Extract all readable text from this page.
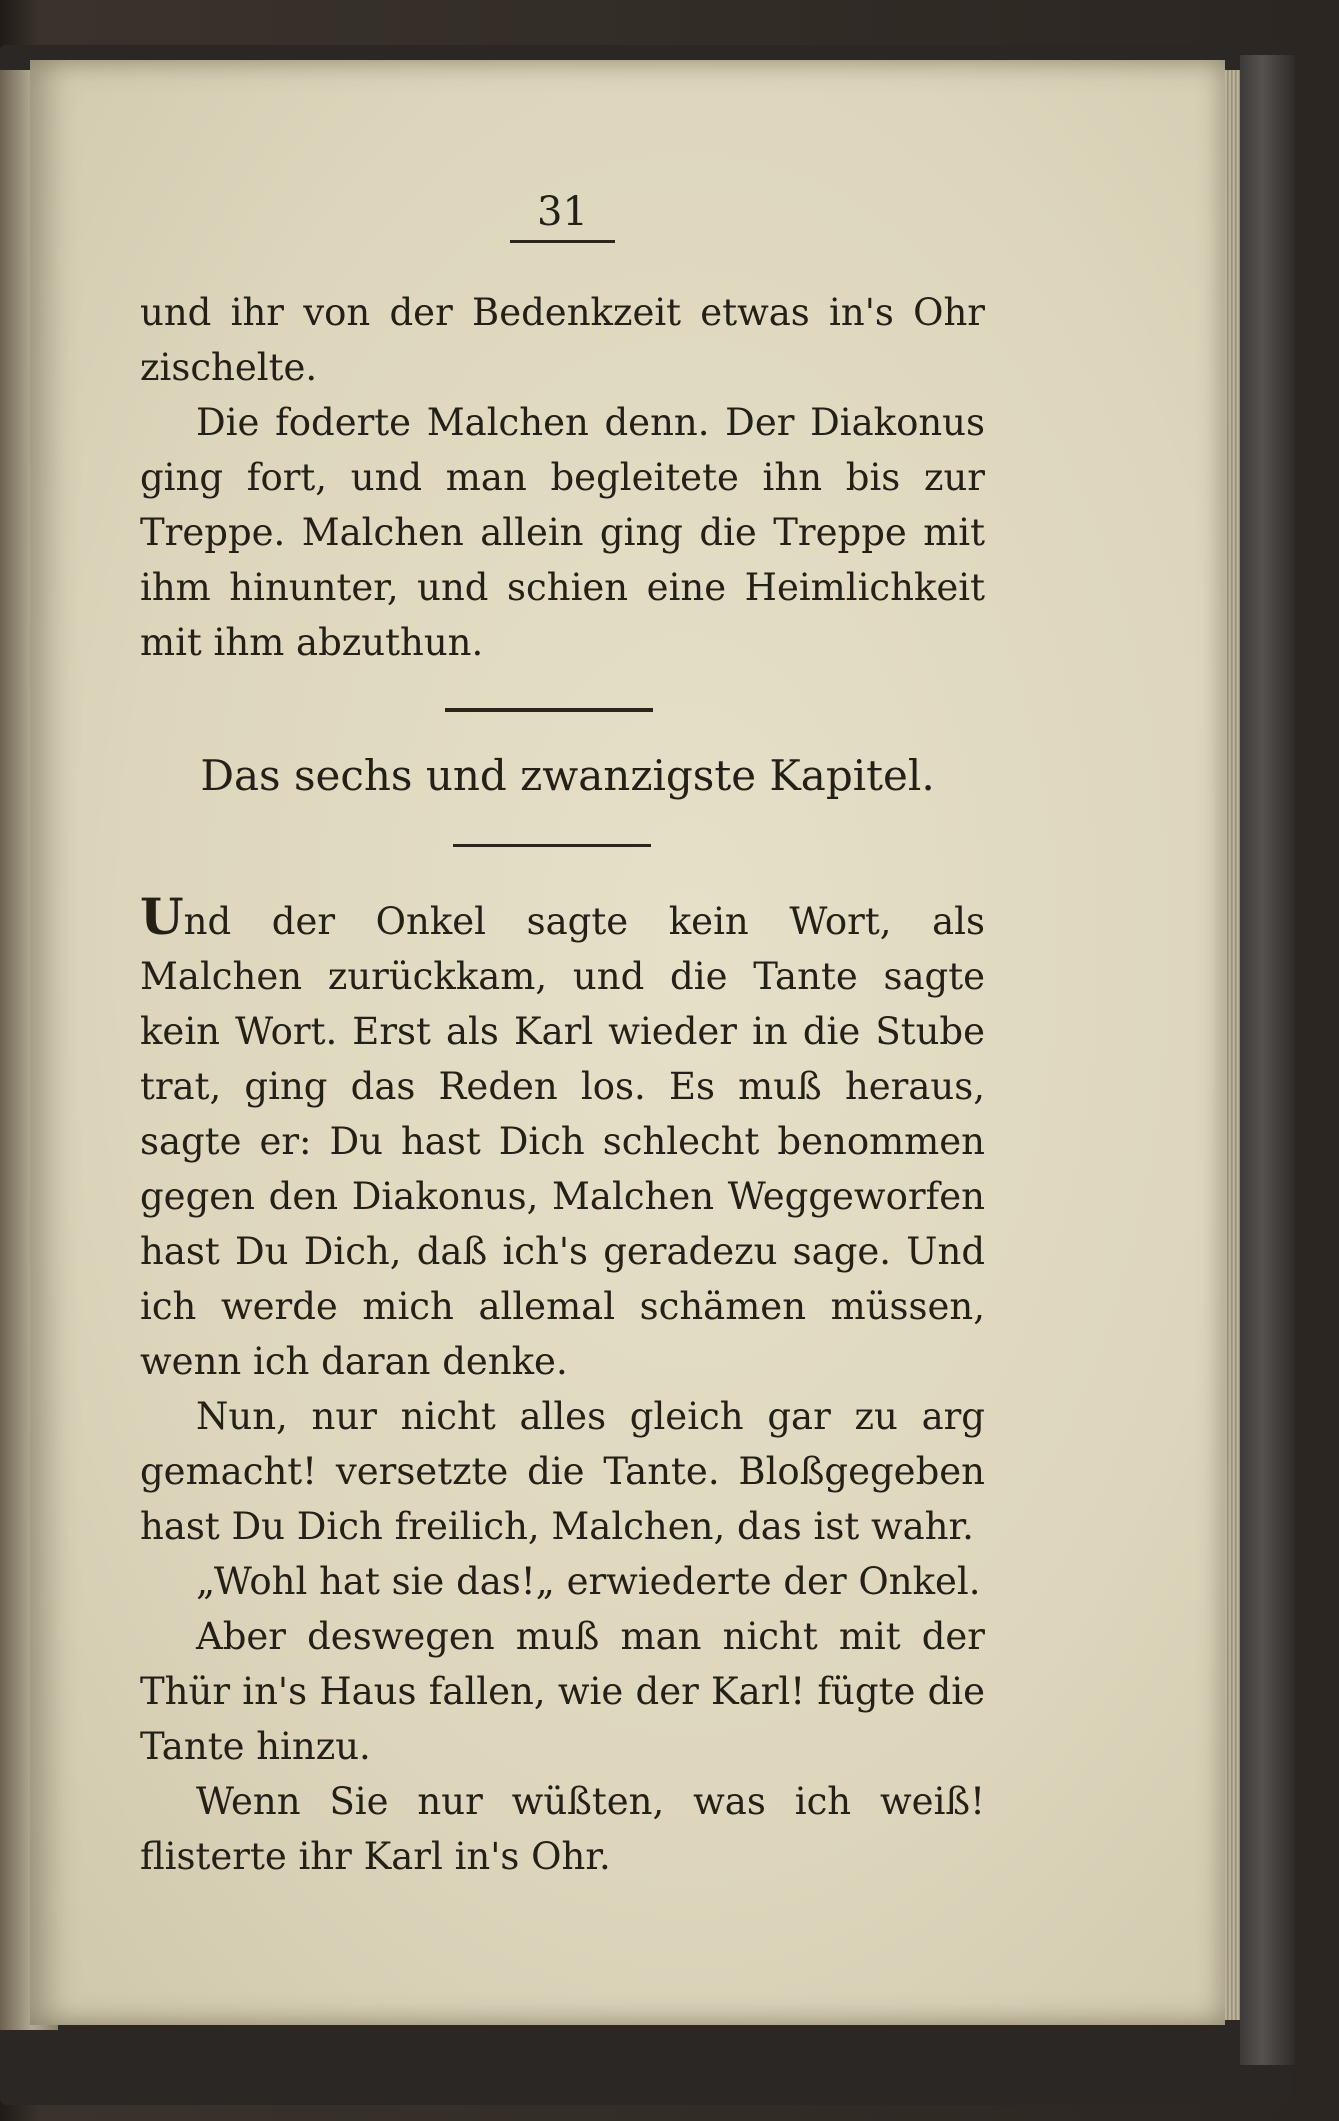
31

und ihr von der Bedenkzeit etwas in's Ohr zischelte.

Die foderte Malchen denn. Der Diakonus ging fort, und man begleitete ihn bis zur Treppe. Malchen allein ging die Treppe mit ihm hinunter, und schien eine Heimlichkeit mit ihm abzuthun.

Das sechs und zwanzigste Kapitel.

Und der Onkel sagte kein Wort, als Malchen zurückkam, und die Tante sagte kein Wort. Erst als Karl wieder in die Stube trat, ging das Reden los. Es muß heraus, sagte er: Du hast Dich schlecht benommen gegen den Diakonus, Malchen Weggeworfen hast Du Dich, daß ich's geradezu sage. Und ich werde mich allemal schämen müssen, wenn ich daran denke.

Nun, nur nicht alles gleich gar zu arg gemacht! versetzte die Tante. Bloßgegeben hast Du Dich freilich, Malchen, das ist wahr.

„Wohl hat sie das!„ erwiederte der Onkel.

Aber deswegen muß man nicht mit der Thür in's Haus fallen, wie der Karl! fügte die Tante hinzu.

Wenn Sie nur wüßten, was ich weiß! flisterte ihr Karl in's Ohr.
